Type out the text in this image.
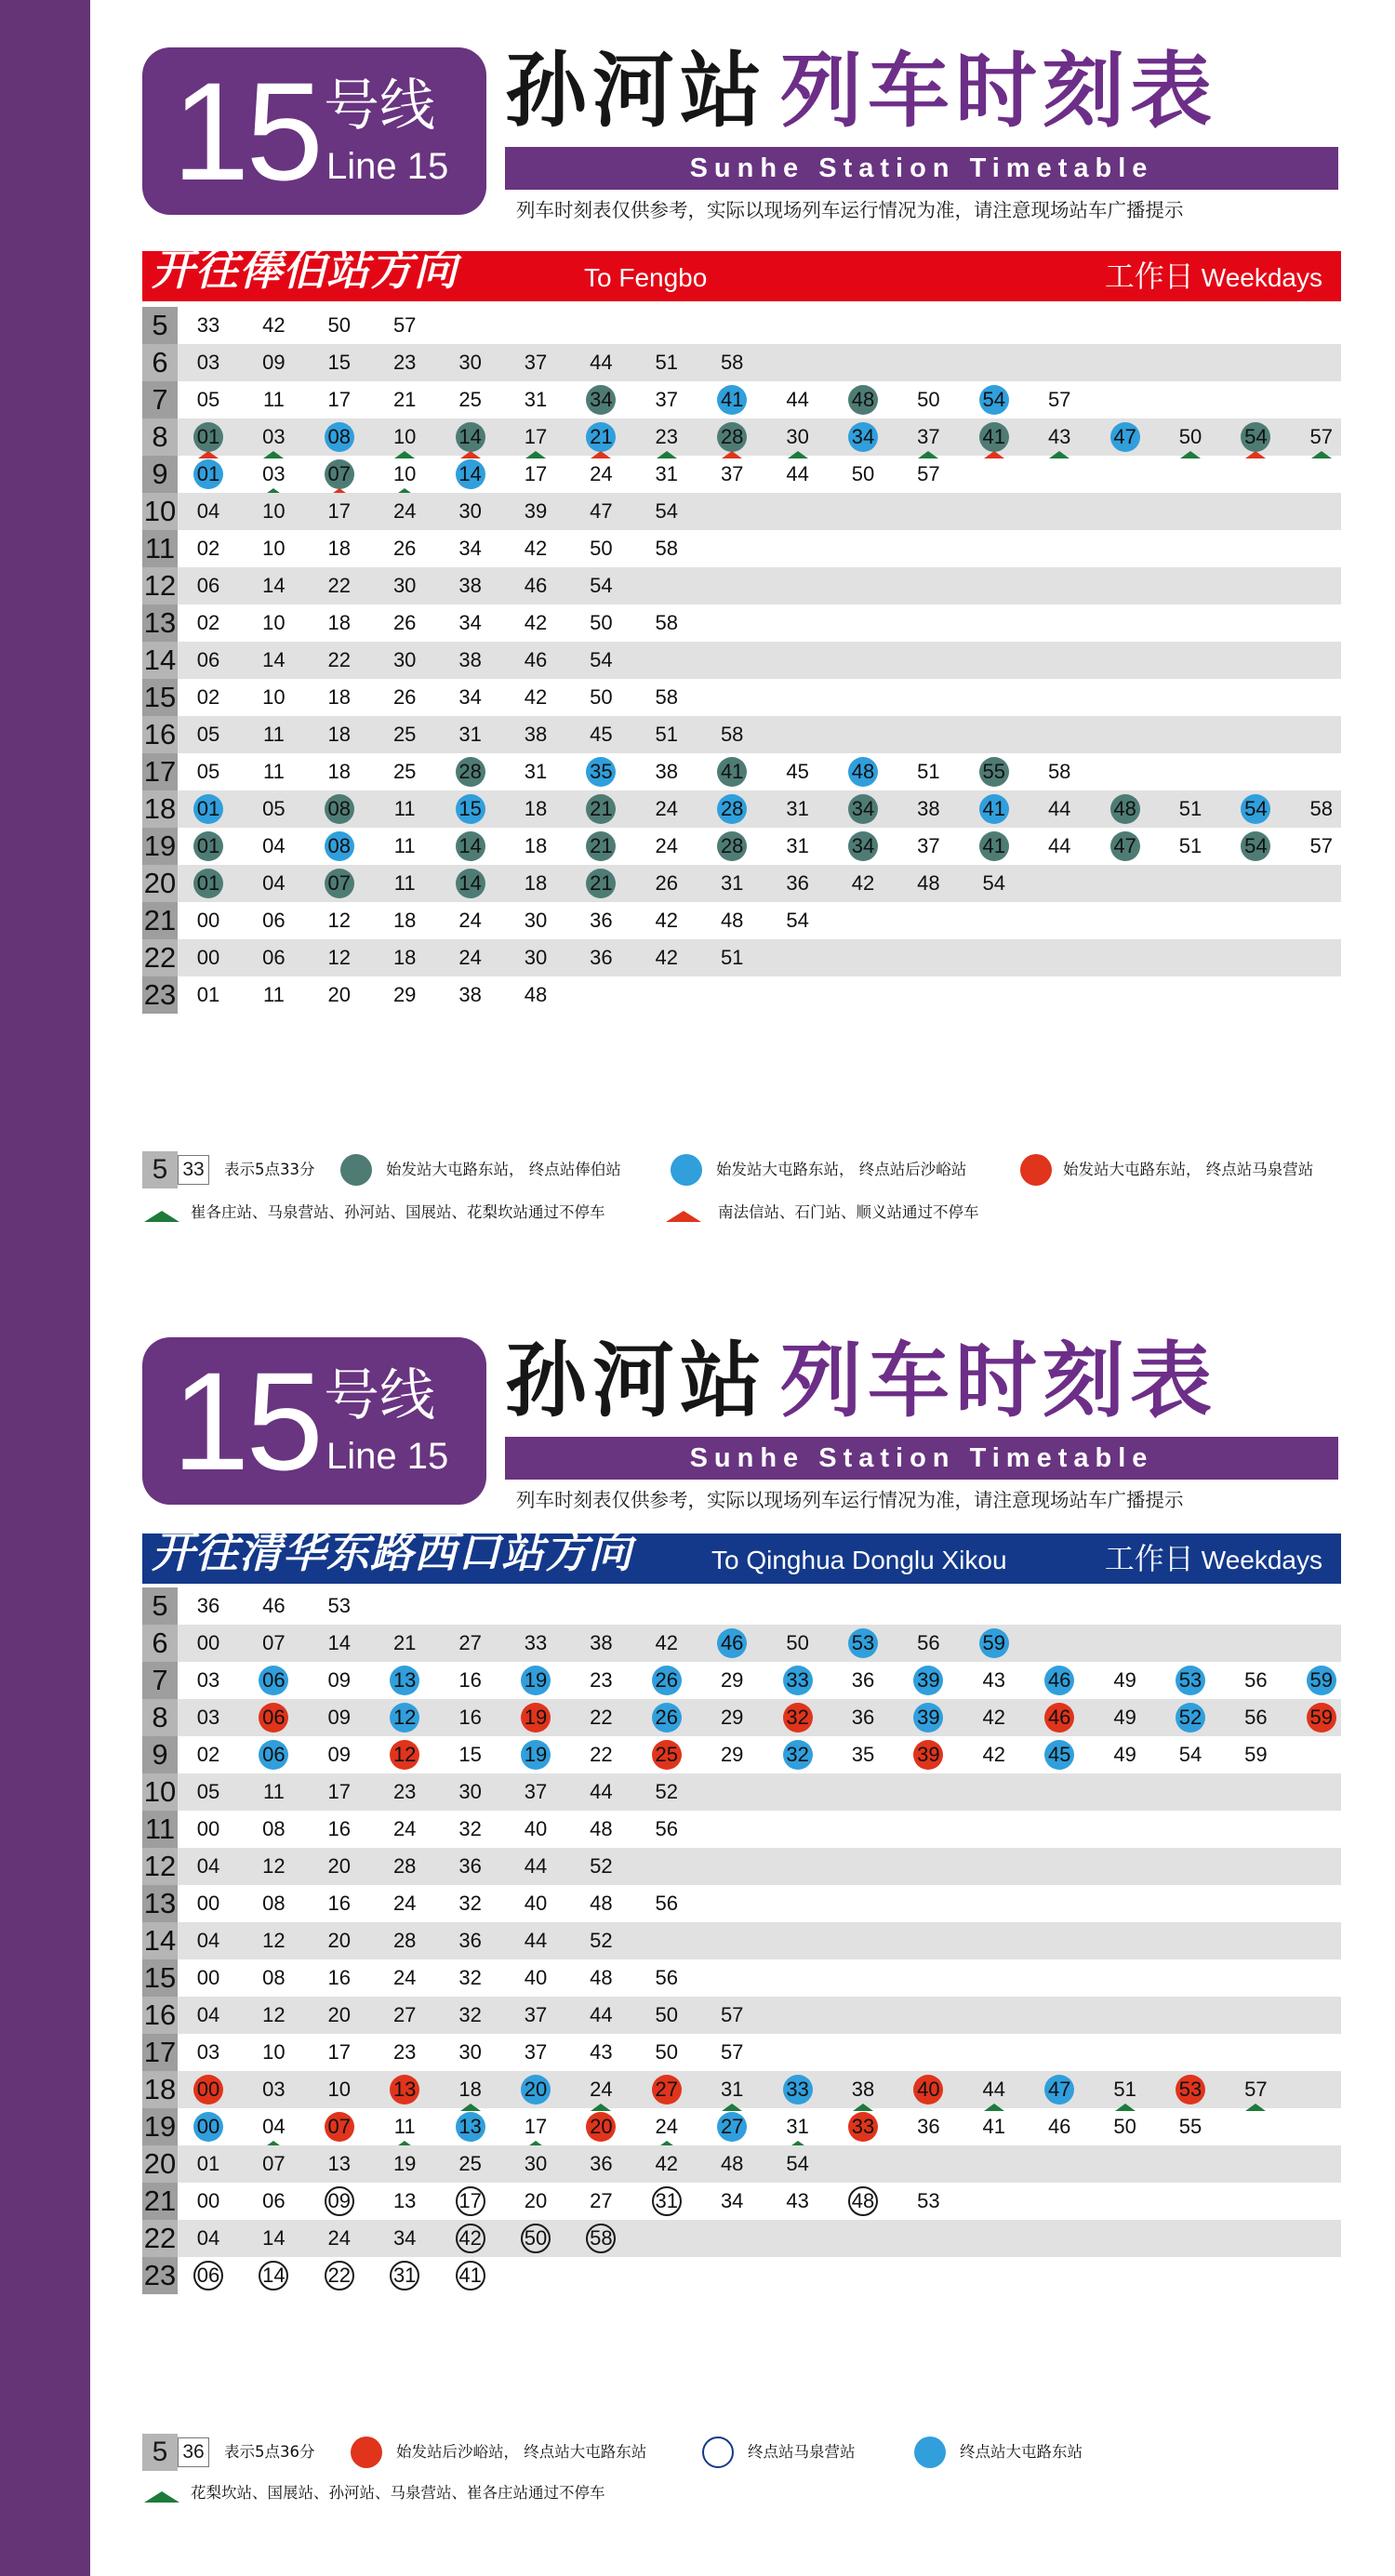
15 号线
Line 15
孙河站 列车时刻表
Sunhe Station Timetable
列车时刻表仅供参考，实际以现场列车运行情况为准，请注意现场站车广播提示
开往俸伯站方向	To Fengbo	工作日 Weekdays
5	33 42 50 57
6	03 09 15 23 30 37 44 51 58
7	05 11 17 21 25 31 34 37 41 44 48 50 54 57
8	01 03 08 10 14 17 21 23 28 30 34 37 41 43 47 50 54 57
9	01 03 07 10 14 17 24 31 37 44 50 57
10 04 10 17 24 30 39 47 54
11 02 10 18 26 34 42 50 58
12 06 14 22 30 38 46 54
13 02 10 18 26 34 42 50 58
14 06 14 22 30 38 46 54
15 02 10 18 26 34 42 50 58
16 05 11 18 25 31 38 45 51 58
17 05 11 18 25 28 31 35 38 41 45 48 51 55 58
18 01 05 08 11 15 18 21 24 28 31 34 38 41 44 48 51 54 58
19 01 04 08 11 14 18 21 24 28 31 34 37 41 44 47 51 54 57
20 01 04 07 11 14 18 21 26 31 36 42 48 54
21 00 06 12 18 24 30 36 42 48 54
22 00 06 12 18 24 30 36 42 51
23 01 11 20 29 38 48
5 33	表示5点33分	始发站大屯路东站， 终点站俸伯站	始发站大屯路东站， 终点站后沙峪站	始发站大屯路东站， 终点站马泉营站
崔各庄站、马泉营站、孙河站、国展站、花梨坎站通过不停车	南法信站、石门站、顺义站通过不停车
15 号线
Line 15
孙河站 列车时刻表
Sunhe Station Timetable
列车时刻表仅供参考，实际以现场列车运行情况为准，请注意现场站车广播提示
开往清华东路西口站方向	To Qinghua Donglu Xikou	工作日 Weekdays
5	36 46 53
6	00 07 14 21 27 33 38 42 46 50 53 56 59
7	03 06 09 13 16 19 23 26 29 33 36 39 43 46 49 53 56 59
8	03 06 09 12 16 19 22 26 29 32 36 39 42 46 49 52 56 59
9	02 06 09 12 15 19 22 25 29 32 35 39 42 45 49 54 59
10 05 11 17 23 30 37 44 52
11 00 08 16 24 32 40 48 56
12 04 12 20 28 36 44 52
13 00 08 16 24 32 40 48 56
14 04 12 20 28 36 44 52
15 00 08 16 24 32 40 48 56
16 04 12 20 27 32 37 44 50 57
17 03 10 17 23 30 37 43 50 57
18 00 03 10 13 18 20 24 27 31 33 38 40 44 47 51 53 57
19 00 04 07 11 13 17 20 24 27 31 33 36 41 46 50 55
20 01 07 13 19 25 30 36 42 48 54
21 00 06 09 13 17 20 27 31 34 43 48 53
22 04 14 24 34 42 50 58
23 06 14 22 31 41
5 36	表示5点36分	始发站后沙峪站， 终点站大屯路东站	终点站马泉营站	终点站大屯路东站
花梨坎站、国展站、孙河站、马泉营站、崔各庄站通过不停车
